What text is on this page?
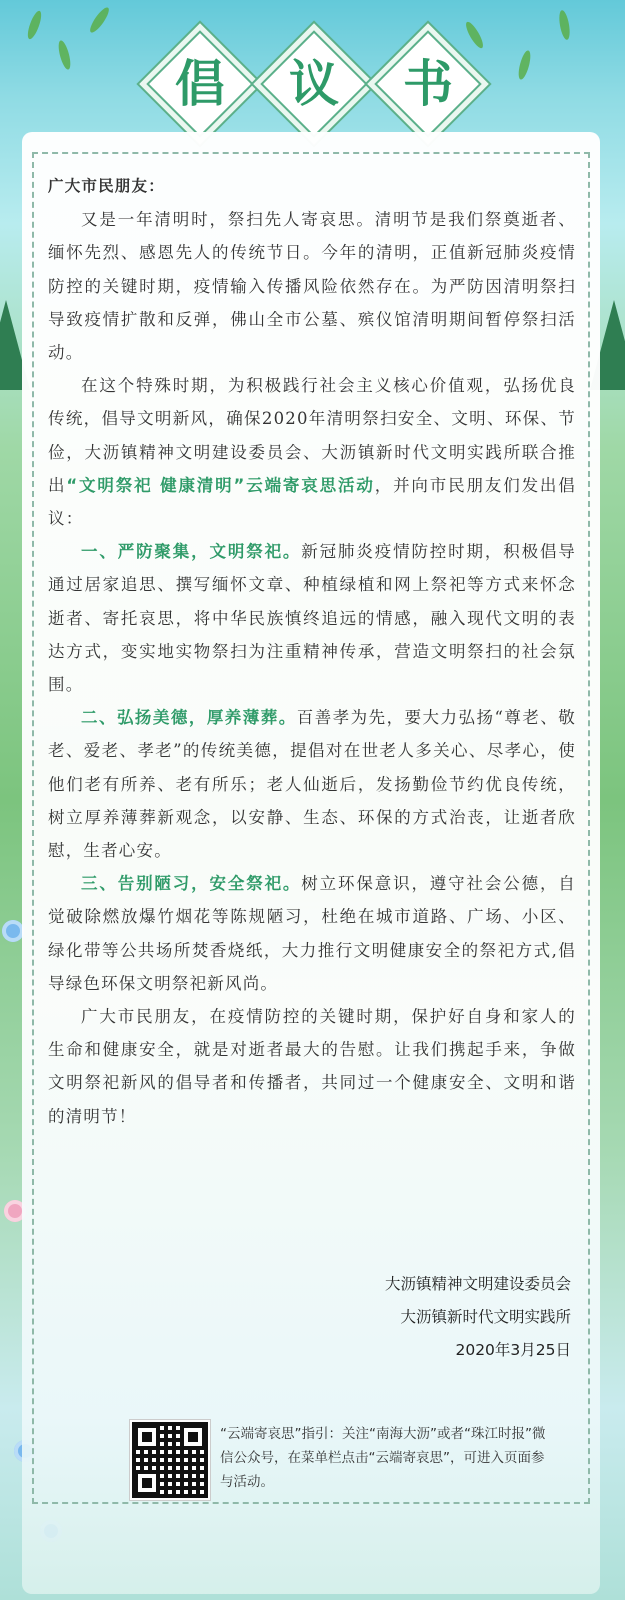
倡 议 书

广大市民朋友：

又是一年清明时，祭扫先人寄哀思。清明节是我们祭奠逝者、缅怀先烈、感恩先人的传统节日。今年的清明，正值新冠肺炎疫情防控的关键时期，疫情输入传播风险依然存在。为严防因清明祭扫导致疫情扩散和反弹，佛山全市公墓、殡仪馆清明期间暂停祭扫活动。

在这个特殊时期，为积极践行社会主义核心价值观，弘扬优良传统，倡导文明新风，确保2020年清明祭扫安全、文明、环保、节俭，大沥镇精神文明建设委员会、大沥镇新时代文明实践所联合推出“文明祭祀 健康清明”云端寄哀思活动，并向市民朋友们发出倡议：

一、严防聚集，文明祭祀。新冠肺炎疫情防控时期，积极倡导通过居家追思、撰写缅怀文章、种植绿植和网上祭祀等方式来怀念逝者、寄托哀思，将中华民族慎终追远的情感，融入现代文明的表达方式，变实地实物祭扫为注重精神传承，营造文明祭扫的社会氛围。

二、弘扬美德，厚养薄葬。百善孝为先，要大力弘扬“尊老、敬老、爱老、孝老”的传统美德，提倡对在世老人多关心、尽孝心，使他们老有所养、老有所乐；老人仙逝后，发扬勤俭节约优良传统，树立厚养薄葬新观念，以安静、生态、环保的方式治丧，让逝者欣慰，生者心安。

三、告别陋习，安全祭祀。树立环保意识，遵守社会公德，自觉破除燃放爆竹烟花等陈规陋习，杜绝在城市道路、广场、小区、绿化带等公共场所焚香烧纸，大力推行文明健康安全的祭祀方式,倡导绿色环保文明祭祀新风尚。

广大市民朋友，在疫情防控的关键时期，保护好自身和家人的生命和健康安全，就是对逝者最大的告慰。让我们携起手来，争做文明祭祀新风的倡导者和传播者，共同过一个健康安全、文明和谐的清明节！

大沥镇精神文明建设委员会
大沥镇新时代文明实践所
2020年3月25日
“云端寄哀思”指引：关注“南海大沥”或者“珠江时报”微信公众号，在菜单栏点击“云端寄哀思”，可进入页面参与活动。
